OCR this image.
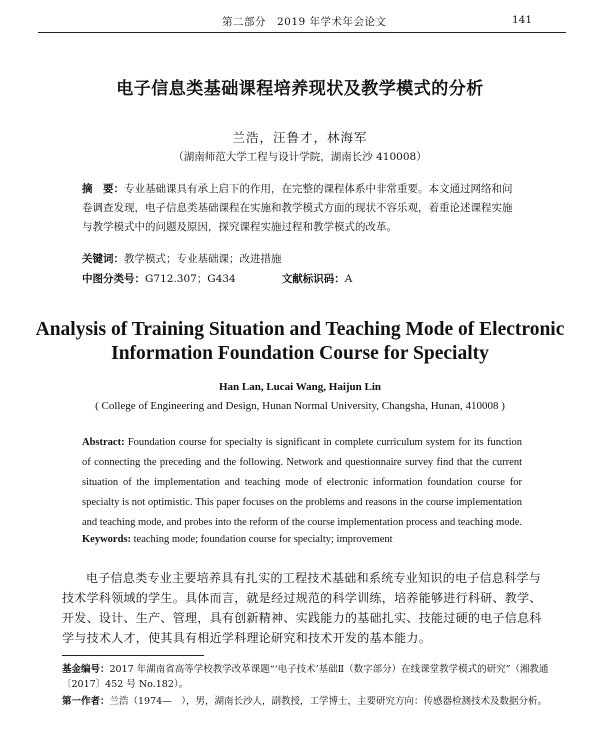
第二部分　2019 年学术年会论文	141
电子信息类基础课程培养现状及教学模式的分析
兰浩，汪鲁才，林海军
（湖南师范大学工程与设计学院，湖南长沙 410008）
摘　要：专业基础课具有承上启下的作用，在完整的课程体系中非常重要。本文通过网络和问卷调查发现，电子信息类基础课程在实施和教学模式方面的现状不容乐观，着重论述课程实施与教学模式中的问题及原因，探究课程实施过程和教学模式的改革。
关键词：教学模式；专业基础课；改进措施
中图分类号：G712.307；G434	文献标识码：A
Analysis of Training Situation and Teaching Mode of Electronic Information Foundation Course for Specialty
Han Lan, Lucai Wang, Haijun Lin
( College of Engineering and Design, Hunan Normal University, Changsha, Hunan, 410008 )
Abstract: Foundation course for specialty is significant in complete curriculum system for its function of connecting the preceding and the following. Network and questionnaire survey find that the current situation of the implementation and teaching mode of electronic information foundation course for specialty is not optimistic. This paper focuses on the problems and reasons in the course implementation and teaching mode, and probes into the reform of the course implementation process and teaching mode.
Keywords: teaching mode; foundation course for specialty; improvement
电子信息类专业主要培养具有扎实的工程技术基础和系统专业知识的电子信息科学与技术学科领域的学生。具体而言，就是经过规范的科学训练，培养能够进行科研、教学、开发、设计、生产、管理，具有创新精神、实践能力的基础扎实、技能过硬的电子信息科学与技术人才，使其具有相近学科理论研究和技术开发的基本能力。
基金编号：2017 年湖南省高等学校教学改革课题“‘电子技术’基础Ⅱ（数字部分）在线课堂教学模式的研究”（湘教通〔2017〕452 号 No.182）。
第一作者：兰浩（1974—　），男，湖南长沙人，副教授，工学博士，主要研究方向：传感器检测技术及数据分析。
